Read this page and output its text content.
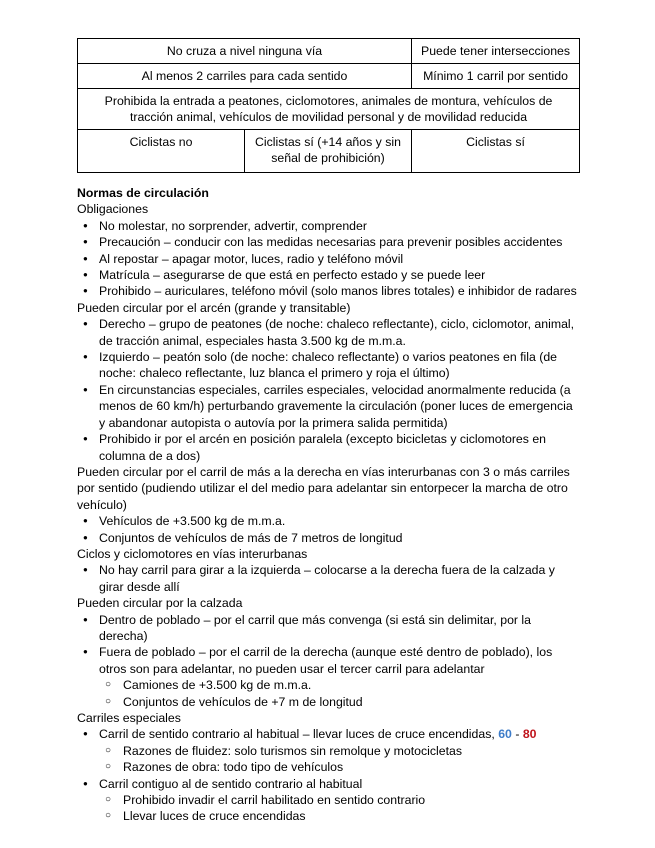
No cruza a nivel ninguna vía		Puede tener intersecciones
Al menos 2 carriles para cada sentido		Mínimo 1 carril por sentido
Prohibida la entrada a peatones, ciclomotores, animales de montura, vehículos de tracción animal, vehículos de movilidad personal y de movilidad reducida		
Ciclistas no	Ciclistas sí (+14 años y sin señal de prohibición)	Ciclistas sí
Normas de circulación
Obligaciones
● No molestar, no sorprender, advertir, comprender
● Precaución – conducir con las medidas necesarias para prevenir posibles accidentes
● Al repostar – apagar motor, luces, radio y teléfono móvil
● Matrícula – asegurarse de que está en perfecto estado y se puede leer
● Prohibido – auriculares, teléfono móvil (solo manos libres totales) e inhibidor de radares
Pueden circular por el arcén (grande y transitable)
● Derecho – grupo de peatones (de noche: chaleco reflectante), ciclo, ciclomotor, animal, de tracción animal, especiales hasta 3.500 kg de m.m.a.
● Izquierdo – peatón solo (de noche: chaleco reflectante) o varios peatones en fila (de noche: chaleco reflectante, luz blanca el primero y roja el último)
● En circunstancias especiales, carriles especiales, velocidad anormalmente reducida (a menos de 60 km/h) perturbando gravemente la circulación (poner luces de emergencia y abandonar autopista o autovía por la primera salida permitida)
● Prohibido ir por el arcén en posición paralela (excepto bicicletas y ciclomotores en columna de a dos)
Pueden circular por el carril de más a la derecha en vías interurbanas con 3 o más carriles por sentido (pudiendo utilizar el del medio para adelantar sin entorpecer la marcha de otro vehículo)
● Vehículos de +3.500 kg de m.m.a.
● Conjuntos de vehículos de más de 7 metros de longitud
Ciclos y ciclomotores en vías interurbanas
● No hay carril para girar a la izquierda – colocarse a la derecha fuera de la calzada y girar desde allí
Pueden circular por la calzada
● Dentro de poblado – por el carril que más convenga (si está sin delimitar, por la derecha)
● Fuera de poblado – por el carril de la derecha (aunque esté dentro de poblado), los otros son para adelantar, no pueden usar el tercer carril para adelantar
○ Camiones de +3.500 kg de m.m.a.
○ Conjuntos de vehículos de +7 m de longitud
Carriles especiales
● Carril de sentido contrario al habitual – llevar luces de cruce encendidas, 60 - 80
○ Razones de fluidez: solo turismos sin remolque y motocicletas
○ Razones de obra: todo tipo de vehículos
● Carril contiguo al de sentido contrario al habitual
○ Prohibido invadir el carril habilitado en sentido contrario
○ Llevar luces de cruce encendidas
